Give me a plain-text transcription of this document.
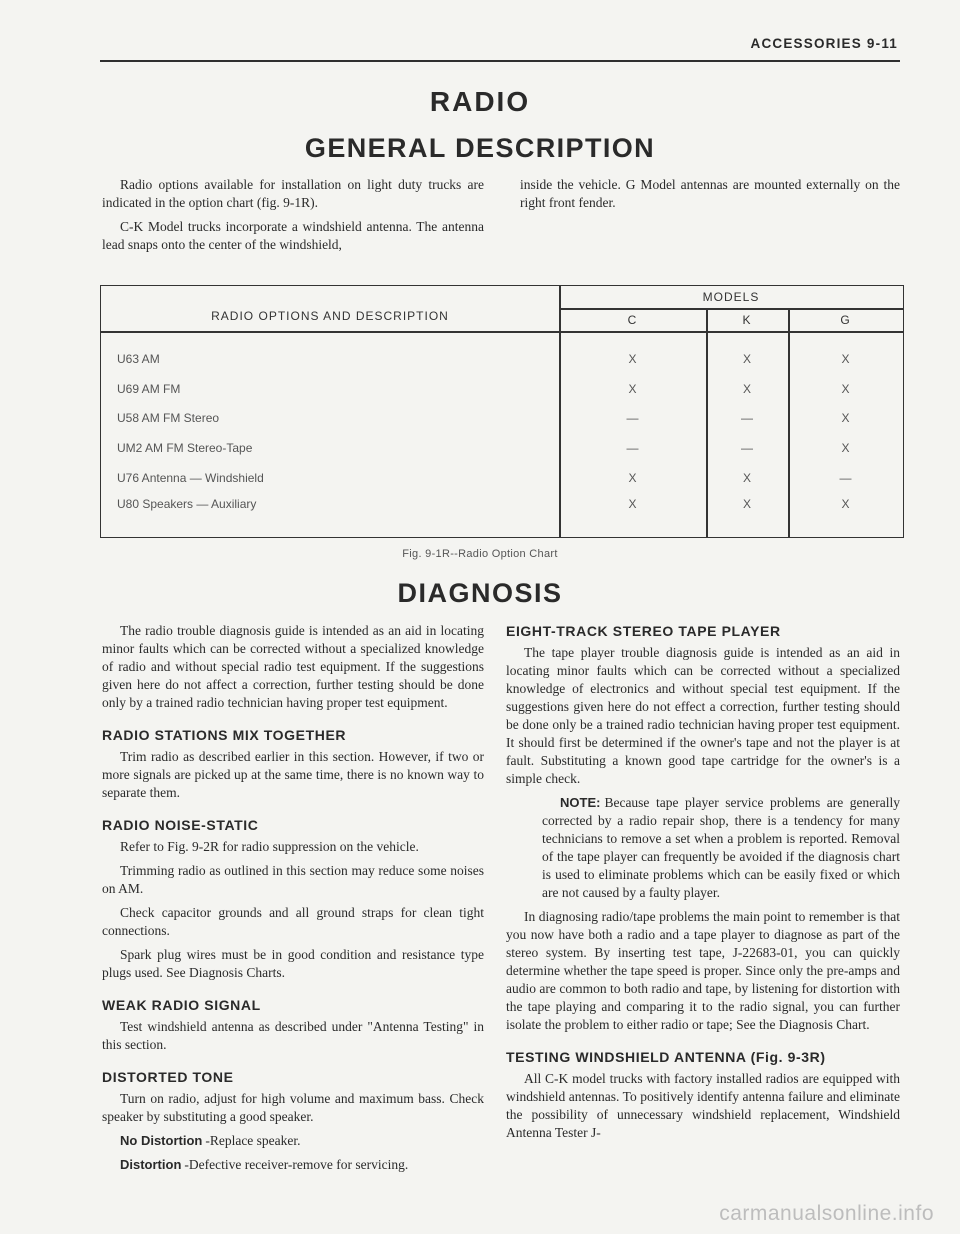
ACCESSORIES 9-11
RADIO
GENERAL DESCRIPTION

Radio options available for installation on light duty trucks are indicated in the option chart (fig. 9-1R).

C-K Model trucks incorporate a windshield antenna. The antenna lead snaps onto the center of the windshield,

inside the vehicle. G Model antennas are mounted externally on the right front fender.

RADIO OPTIONS AND DESCRIPTION
MODELS
C	K	G
U63 AM	X	X	X
U69 AM FM	X	X	X
U58 AM FM Stereo	—	—	X
UM2 AM FM Stereo-Tape	—	—	X
U76 Antenna — Windshield	X	X	—
U80 Speakers — Auxiliary	X	X	X
Fig. 9-1R--Radio Option Chart
DIAGNOSIS

The radio trouble diagnosis guide is intended as an aid in locating minor faults which can be corrected without a specialized knowledge of radio and without special radio test equipment. If the suggestions given here do not affect a correction, further testing should be done only by a trained radio technician having proper test equipment.

RADIO STATIONS MIX TOGETHER

Trim radio as described earlier in this section. However, if two or more signals are picked up at the same time, there is no known way to separate them.

RADIO NOISE-STATIC

Refer to Fig. 9-2R for radio suppression on the vehicle.

Trimming radio as outlined in this section may reduce some noises on AM.

Check capacitor grounds and all ground straps for clean tight connections.

Spark plug wires must be in good condition and resistance type plugs used. See Diagnosis Charts.

WEAK RADIO SIGNAL

Test windshield antenna as described under "Antenna Testing" in this section.

DISTORTED TONE

Turn on radio, adjust for high volume and maximum bass. Check speaker by substituting a good speaker.

No Distortion -Replace speaker.

Distortion -Defective receiver-remove for servicing.

EIGHT-TRACK STEREO TAPE PLAYER

The tape player trouble diagnosis guide is intended as an aid in locating minor faults which can be corrected without a specialized knowledge of electronics and without special test equipment. If the suggestions given here do not effect a correction, further testing should be done only be a trained radio technician having proper test equipment. It should first be determined if the owner's tape and not the player is at fault. Substituting a known good tape cartridge for the owner's is a simple check.

NOTE: Because tape player service problems are generally corrected by a radio repair shop, there is a tendency for many technicians to remove a set when a problem is reported. Removal of the tape player can frequently be avoided if the diagnosis chart is used to eliminate problems which can be easily fixed or which are not caused by a faulty player.

In diagnosing radio/tape problems the main point to remember is that you now have both a radio and a tape player to diagnose as part of the stereo system. By inserting test tape, J-22683-01, you can quickly determine whether the tape speed is proper. Since only the pre-amps and audio are common to both radio and tape, by listening for distortion with the tape playing and comparing it to the radio signal, you can further isolate the problem to either radio or tape; See the Diagnosis Chart.

TESTING WINDSHIELD ANTENNA (Fig. 9-3R)

All C-K model trucks with factory installed radios are equipped with windshield antennas. To positively identify antenna failure and eliminate the possibility of unnecessary windshield replacement, Windshield Antenna Tester J-

carmanualsonline.info
